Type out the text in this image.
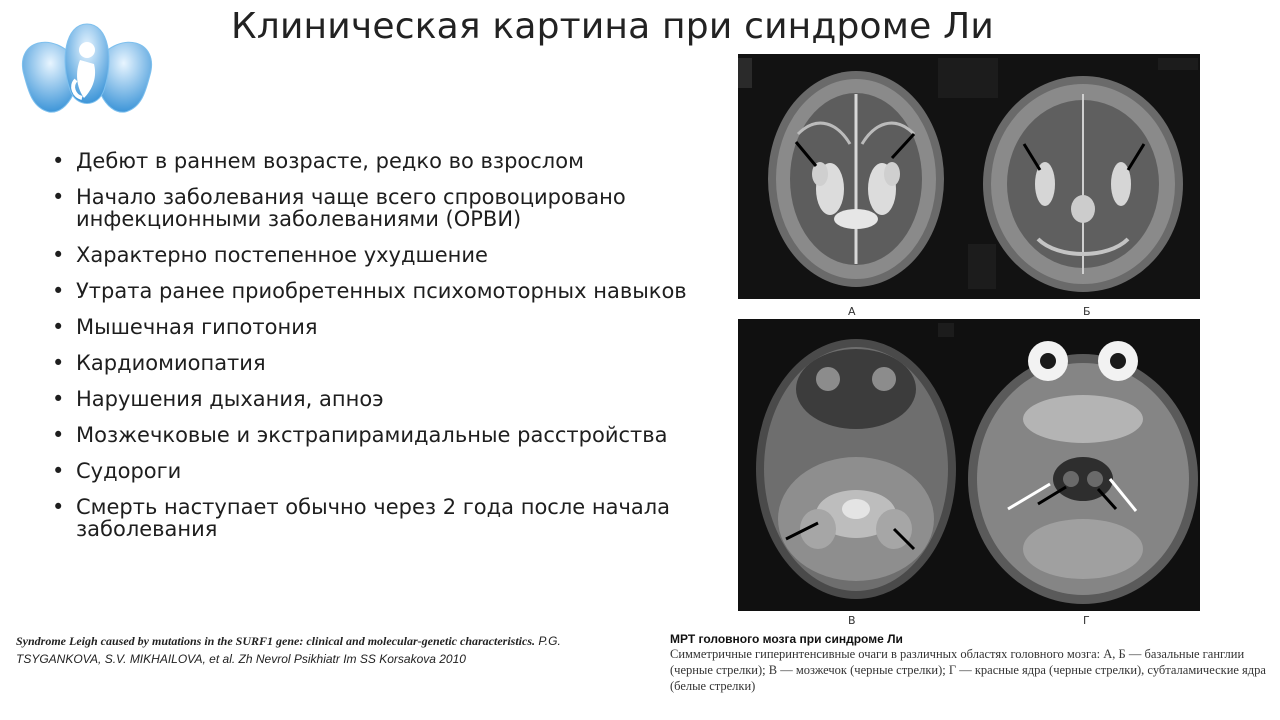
Клиническая картина при синдроме Ли
• Дебют в раннем возрасте, редко во взрослом
• Начало заболевания чаще всего спровоцировано инфекционными заболеваниями (ОРВИ)
• Характерно постепенное ухудшение
• Утрата ранее приобретенных психомоторных навыков
• Мышечная гипотония
• Кардиомиопатия
• Нарушения дыхания, апноэ
• Мозжечковые и экстрапирамидальные расстройства
• Судороги
• Смерть наступает обычно через 2 года после начала заболевания
А	Б
В	Г
Syndrome Leigh caused by mutations in the SURF1 gene: clinical and molecular-genetic characteristics. P.G. TSYGANKOVA, S.V. MIKHAILOVA, et al. Zh Nevrol Psikhiatr Im SS Korsakova 2010
МРТ головного мозга при синдроме Ли
Симметричные гиперинтенсивные очаги в различных областях головного мозга: А, Б — базальные ганглии (черные стрелки); В — мозжечок (черные стрелки); Г — красные ядра (черные стрелки), субталамические ядра (белые стрелки)
